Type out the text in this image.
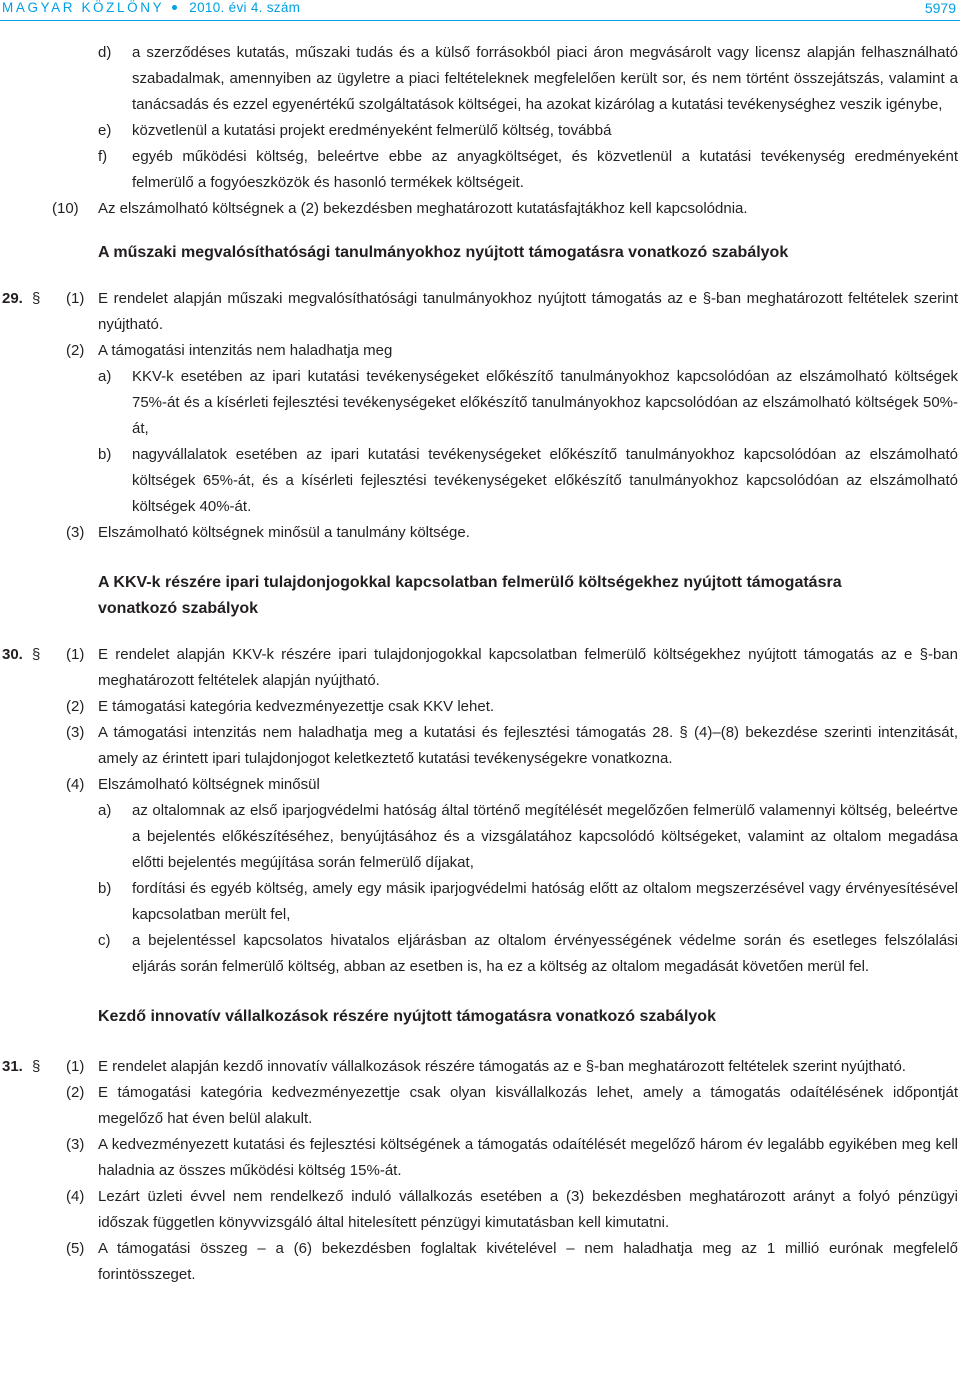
MAGYAR KÖZLÖNY 2010. évi 4. szám	5979
d) a szerződéses kutatás, műszaki tudás és a külső forrásokból piaci áron megvásárolt vagy licensz alapján felhasználható szabadalmak, amennyiben az ügyletre a piaci feltételeknek megfelelően került sor, és nem történt összejátszás, valamint a tanácsadás és ezzel egyenértékű szolgáltatások költségei, ha azokat kizárólag a kutatási tevékenységhez veszik igénybe,
e) közvetlenül a kutatási projekt eredményeként felmerülő költség, továbbá
f) egyéb működési költség, beleértve ebbe az anyagköltséget, és közvetlenül a kutatási tevékenység eredményeként felmerülő a fogyóeszközök és hasonló termékek költségeit.
(10) Az elszámolható költségnek a (2) bekezdésben meghatározott kutatásfajtákhoz kell kapcsolódnia.
A műszaki megvalósíthatósági tanulmányokhoz nyújtott támogatásra vonatkozó szabályok
29. § (1) E rendelet alapján műszaki megvalósíthatósági tanulmányokhoz nyújtott támogatás az e §-ban meghatározott feltételek szerint nyújtható.
(2) A támogatási intenzitás nem haladhatja meg
a) KKV-k esetében az ipari kutatási tevékenységeket előkészítő tanulmányokhoz kapcsolódóan az elszámolható költségek 75%-át és a kísérleti fejlesztési tevékenységeket előkészítő tanulmányokhoz kapcsolódóan az elszámolható költségek 50%-át,
b) nagyvállalatok esetében az ipari kutatási tevékenységeket előkészítő tanulmányokhoz kapcsolódóan az elszámolható költségek 65%-át, és a kísérleti fejlesztési tevékenységeket előkészítő tanulmányokhoz kapcsolódóan az elszámolható költségek 40%-át.
(3) Elszámolható költségnek minősül a tanulmány költsége.
A KKV-k részére ipari tulajdonjogokkal kapcsolatban felmerülő költségekhez nyújtott támogatásra vonatkozó szabályok
30. § (1) E rendelet alapján KKV-k részére ipari tulajdonjogokkal kapcsolatban felmerülő költségekhez nyújtott támogatás az e §-ban meghatározott feltételek alapján nyújtható.
(2) E támogatási kategória kedvezményezettje csak KKV lehet.
(3) A támogatási intenzitás nem haladhatja meg a kutatási és fejlesztési támogatás 28. § (4)–(8) bekezdése szerinti intenzitását, amely az érintett ipari tulajdonjogot keletkeztető kutatási tevékenységekre vonatkozna.
(4) Elszámolható költségnek minősül
a) az oltalomnak az első iparjogvédelmi hatóság által történő megítélését megelőzően felmerülő valamennyi költség, beleértve a bejelentés előkészítéséhez, benyújtásához és a vizsgálatához kapcsolódó költségeket, valamint az oltalom megadása előtti bejelentés megújítása során felmerülő díjakat,
b) fordítási és egyéb költség, amely egy másik iparjogvédelmi hatóság előtt az oltalom megszerzésével vagy érvényesítésével kapcsolatban merült fel,
c) a bejelentéssel kapcsolatos hivatalos eljárásban az oltalom érvényességének védelme során és esetleges felszólalási eljárás során felmerülő költség, abban az esetben is, ha ez a költség az oltalom megadását követően merül fel.
Kezdő innovatív vállalkozások részére nyújtott támogatásra vonatkozó szabályok
31. § (1) E rendelet alapján kezdő innovatív vállalkozások részére támogatás az e §-ban meghatározott feltételek szerint nyújtható.
(2) E támogatási kategória kedvezményezettje csak olyan kisvállalkozás lehet, amely a támogatás odaítélésének időpontját megelőző hat éven belül alakult.
(3) A kedvezményezett kutatási és fejlesztési költségének a támogatás odaítélését megelőző három év legalább egyikében meg kell haladnia az összes működési költség 15%-át.
(4) Lezárt üzleti évvel nem rendelkező induló vállalkozás esetében a (3) bekezdésben meghatározott arányt a folyó pénzügyi időszak független könyvvizsgáló által hitelesített pénzügyi kimutatásban kell kimutatni.
(5) A támogatási összeg – a (6) bekezdésben foglaltak kivételével – nem haladhatja meg az 1 millió eurónak megfelelő forintösszeget.
